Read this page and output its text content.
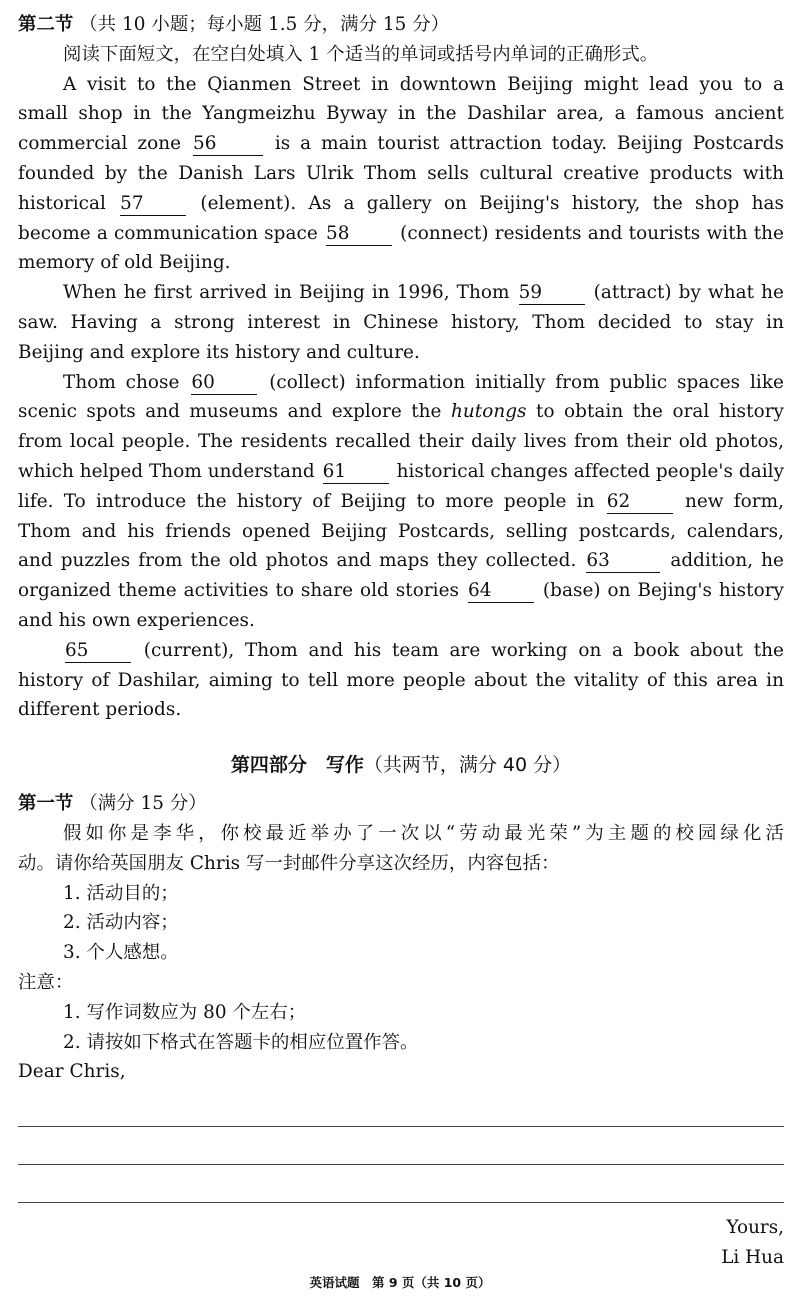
第二节 （共 10 小题；每小题 1.5 分，满分 15 分）
阅读下面短文，在空白处填入 1 个适当的单词或括号内单词的正确形式。
A visit to the Qianmen Street in downtown Beijing might lead you to a
small shop in the Yangmeizhu Byway in the Dashilar area, a famous ancient
commercial zone 56	is a main tourist attraction today. Beijing Postcards
founded by the Danish Lars Ulrik Thom sells cultural creative products with
historical 57	(element). As a gallery on Beijing's history, the shop has
become a communication space 58	(connect) residents and tourists with the
memory of old Beijing.
When he first arrived in Beijing in 1996, Thom 59	(attract) by what he
saw. Having a strong interest in Chinese history, Thom decided to stay in
Beijing and explore its history and culture.
Thom chose 60	(collect) information initially from public spaces like
scenic spots and museums and explore the hutongs to obtain the oral history
from local people. The residents recalled their daily lives from their old photos,
which helped Thom understand 61	historical changes affected people's daily
life. To introduce the history of Beijing to more people in 62	new form,
Thom and his friends opened Beijing Postcards, selling postcards, calendars,
and puzzles from the old photos and maps they collected. 63	addition, he
organized theme activities to share old stories 64	(base) on Bejing's history
and his own experiences.
65	(current), Thom and his team are working on a book about the
history of Dashilar, aiming to tell more people about the vitality of this area in
different periods.
第四部分　写作（共两节，满分 40 分）
第一节 （满分 15 分）
假如你是李华，你校最近举办了一次以“劳动最光荣”为主题的校园绿化活
动。请你给英国朋友 Chris 写一封邮件分享这次经历，内容包括：
1. 活动目的；
2. 活动内容；
3. 个人感想。
注意：
1. 写作词数应为 80 个左右；
2. 请按如下格式在答题卡的相应位置作答。
Dear Chris,
Yours,
Li Hua
英语试题　第 9 页（共 10 页）
